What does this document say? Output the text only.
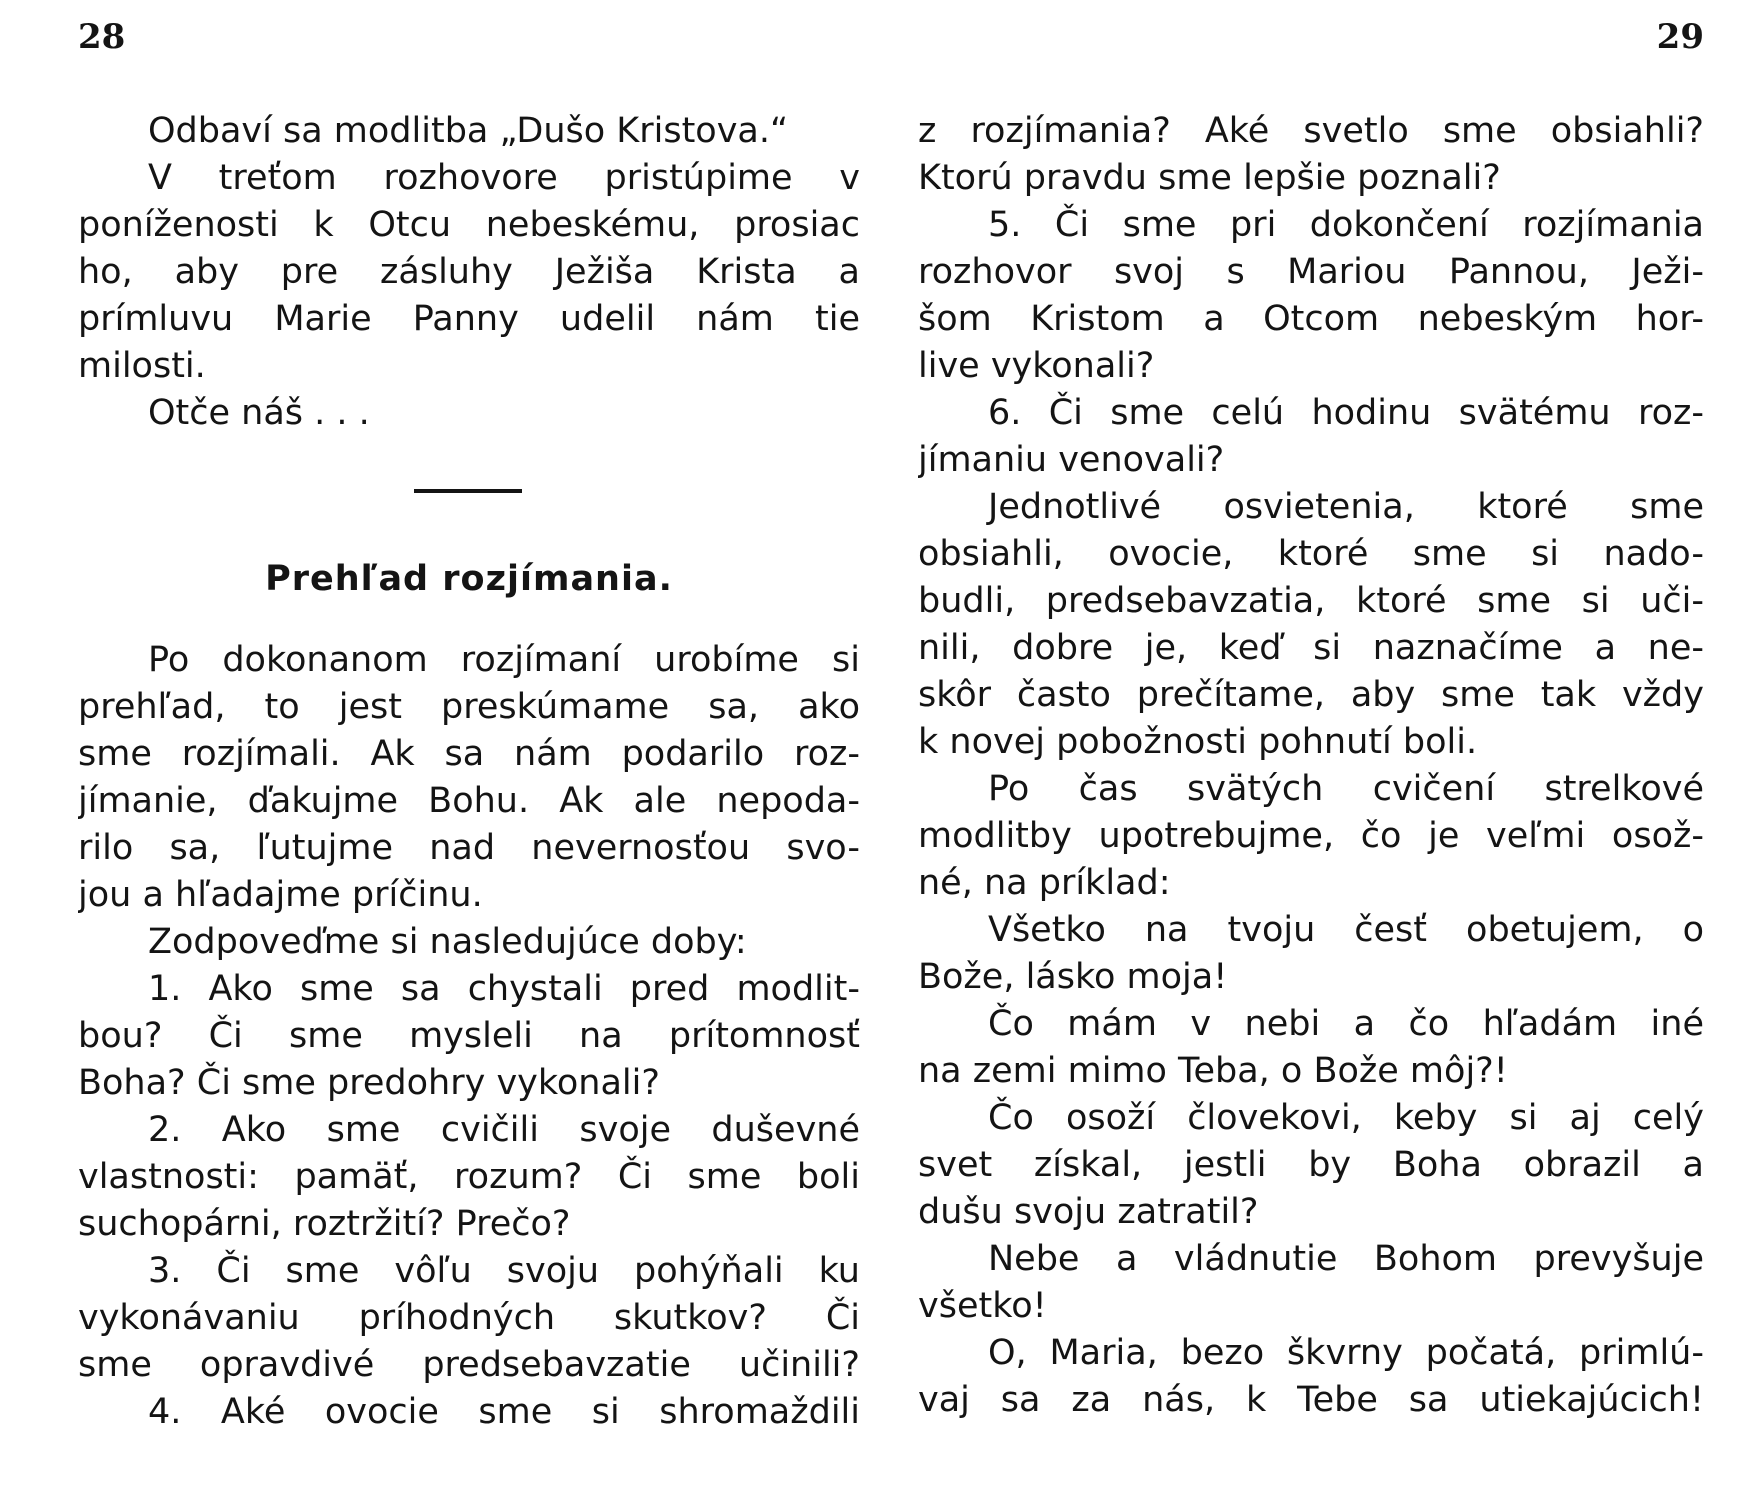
28	29
Odbaví sa modlitba „Dušo Kristova.“
V treťom rozhovore pristúpime v
poníženosti k Otcu nebeskému, prosiac
ho, aby pre zásluhy Ježiša Krista a
prímluvu Marie Panny udelil nám tie
milosti.
Otče náš . . .
Prehľad rozjímania.
Po dokonanom rozjímaní urobíme si
prehľad, to jest preskúmame sa, ako
sme rozjímali. Ak sa nám podarilo roz-
jímanie, ďakujme Bohu. Ak ale nepoda-
rilo sa, ľutujme nad nevernosťou svo-
jou a hľadajme príčinu.
Zodpoveďme si nasledujúce doby:
1. Ako sme sa chystali pred modlit-
bou? Či sme mysleli na prítomnosť
Boha? Či sme predohry vykonali?
2. Ako sme cvičili svoje duševné
vlastnosti: pamäť, rozum? Či sme boli
suchopárni, roztržití? Prečo?
3. Či sme vôľu svoju pohýňali ku
vykonávaniu príhodných skutkov? Či
sme opravdivé predsebavzatie učinili?
4. Aké ovocie sme si shromaždili
z rozjímania? Aké svetlo sme obsiahli?
Ktorú pravdu sme lepšie poznali?
5. Či sme pri dokončení rozjímania
rozhovor svoj s Mariou Pannou, Ježi-
šom Kristom a Otcom nebeským hor-
live vykonali?
6. Či sme celú hodinu svätému roz-
jímaniu venovali?
Jednotlivé osvietenia, ktoré sme
obsiahli, ovocie, ktoré sme si nado-
budli, predsebavzatia, ktoré sme si uči-
nili, dobre je, keď si naznačíme a ne-
skôr často prečítame, aby sme tak vždy
k novej pobožnosti pohnutí boli.
Po čas svätých cvičení strelkové
modlitby upotrebujme, čo je veľmi osož-
né, na príklad:
Všetko na tvoju česť obetujem, o
Bože, lásko moja!
Čo mám v nebi a čo hľadám iné
na zemi mimo Teba, o Bože môj?!
Čo osoží človekovi, keby si aj celý
svet získal, jestli by Boha obrazil a
dušu svoju zatratil?
Nebe a vládnutie Bohom prevyšuje
všetko!
O, Maria, bezo škvrny počatá, primlú-
vaj sa za nás, k Tebe sa utiekajúcich!
